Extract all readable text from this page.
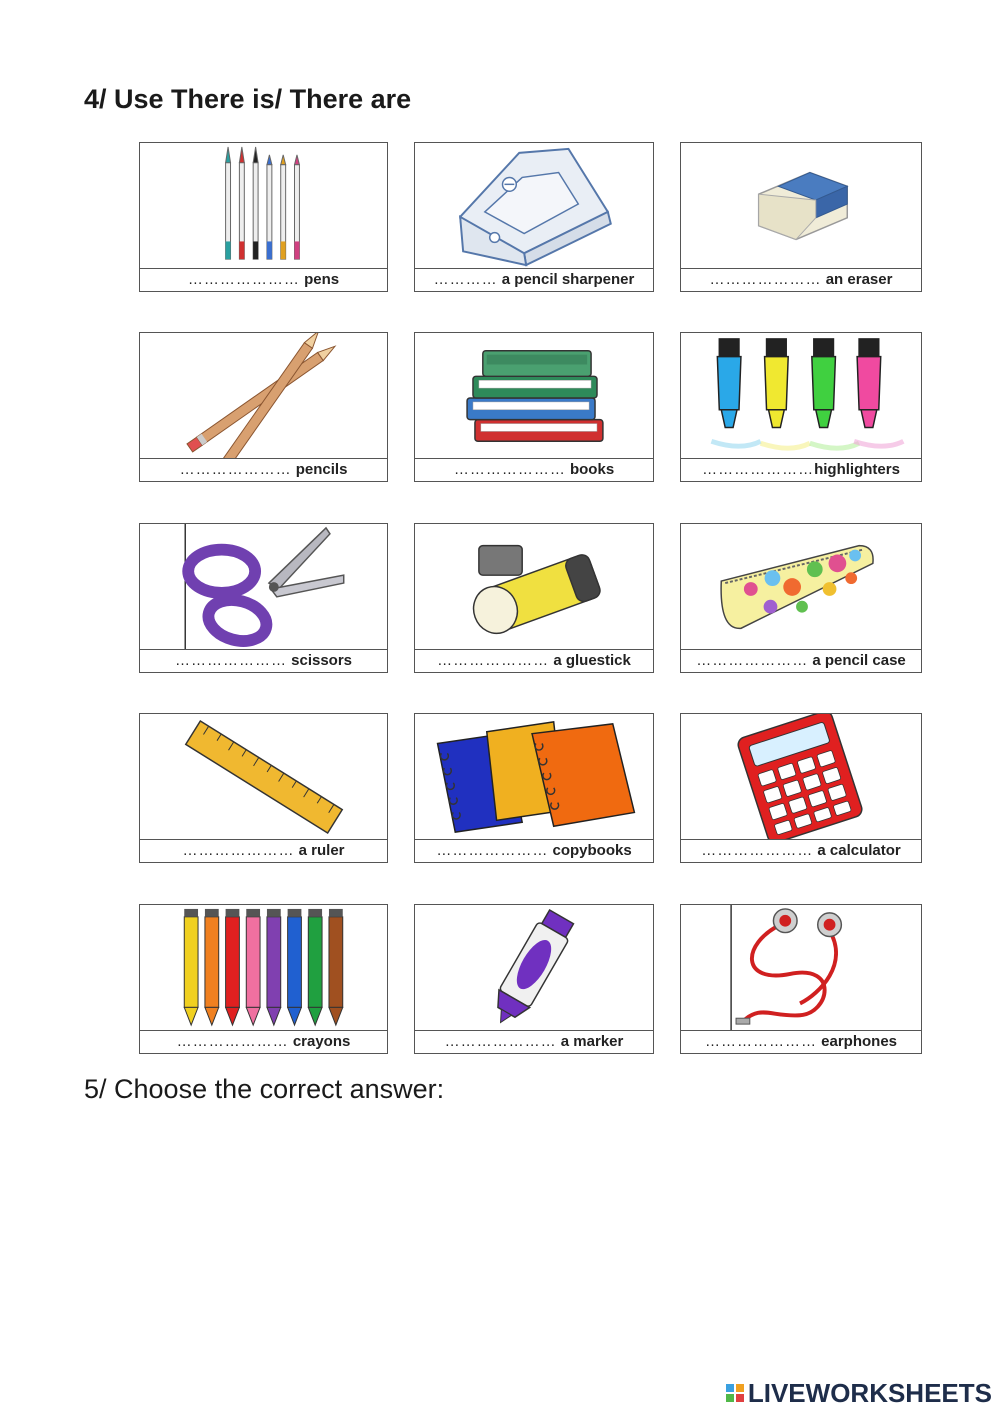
4/ Use There is/ There are
………………… pens	………… a pencil sharpener	………………… an eraser
………………… pencils	………………… books	…………………highlighters
………………… scissors	………………… a gluestick	………………… a pencil case
………………… a ruler	………………… copybooks	………………… a calculator
………………… crayons	………………… a marker	………………… earphones
5/ Choose the correct answer:
LIVEWORKSHEETS
